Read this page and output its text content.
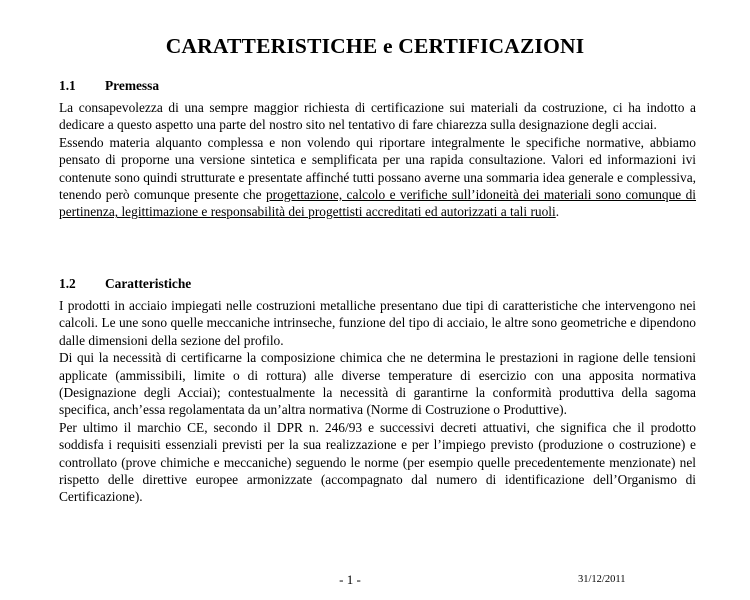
CARATTERISTICHE e CERTIFICAZIONI
1.1 Premessa

La consapevolezza di una sempre maggior richiesta di certificazione sui materiali da costruzione, ci ha indotto a dedicare a questo aspetto una parte del nostro sito nel tentativo di fare chiarezza sulla designazione degli acciai.

Essendo materia alquanto complessa e non volendo qui riportare integralmente le specifiche normative, abbiamo pensato di proporne una versione sintetica e semplificata per una rapida consultazione. Valori ed informazioni ivi contenute sono quindi strutturate e presentate affinché tutti possano averne una sommaria idea generale e complessiva, tenendo però comunque presente che progettazione, calcolo e verifiche sull’idoneità dei materiali sono comunque di pertinenza, legittimazione e responsabilità dei progettisti accreditati ed autorizzati a tali ruoli.

1.2 Caratteristiche

I prodotti in acciaio impiegati nelle costruzioni metalliche presentano due tipi di caratteristiche che intervengono nei calcoli. Le une sono quelle meccaniche intrinseche, funzione del tipo di acciaio, le altre sono geometriche e dipendono dalle dimensioni della sezione del profilo.

Di qui la necessità di certificarne la composizione chimica che ne determina le prestazioni in ragione delle tensioni applicate (ammissibili, limite o di rottura) alle diverse temperature di esercizio con una apposita normativa (Designazione degli Acciai); contestualmente la necessità di garantirne la conformità produttiva della sagoma specifica, anch’essa regolamentata da un’altra normativa (Norme di Costruzione o Produttive).

Per ultimo il marchio CE, secondo il DPR n. 246/93 e successivi decreti attuativi, che significa che il prodotto soddisfa i requisiti essenziali previsti per la sua realizzazione e per l’impiego previsto (produzione o costruzione) e controllato (prove chimiche e meccaniche) seguendo le norme (per esempio quelle precedentemente menzionate) nel rispetto delle direttive europee armonizzate (accompagnato dal numero di identificazione dell’Organismo di Certificazione).

- 1 -	31/12/2011
